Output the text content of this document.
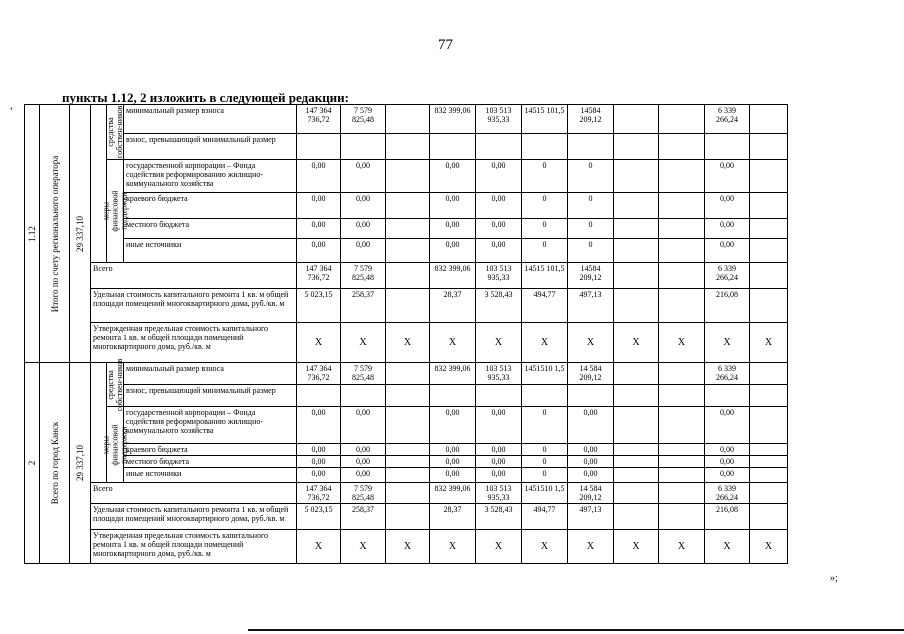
77
пункты 1.12, 2 изложить в следующей редакции:
‹
»;
1.12	Итого по счету регионального оператора	29 337,10		средства собствен-ников	минимальный размер взноса	147 364 736,72	7 579 825,48		832 399,06	103 513 935,33	14515 101,5	14584 209,12			6 339 266,24	
					взнос, превышающий минимальный размер											

				меры финансовой поддержки	государственной корпорации – Фонда содействия реформированию жилищно-коммунального хозяйства	0,00	0,00		0,00	0,00	0	0			0,00	
					краевого бюджета	0,00	0,00		0,00	0,00	0	0			0,00	
					местного бюджета	0,00	0,00		0,00	0,00	0	0			0,00	
					иные источники	0,00	0,00		0,00	0,00	0	0			0,00	
			Всего			147 364 736,72	7 579 825,48		832 399,06	103 513 935,33	14515 101,5	14584 209,12			6 339 266,24	
			Удельная стоимость капитального ремонта 1 кв. м общей площади помещений многоквартирного дома, руб./кв. м			5 023,15	258,37		28,37	3 528,43	494,77	497,13			216,08	
			Утвержденная предельная стоимость капитального ремонта 1 кв. м общей площади помещений многоквартирного дома, руб./кв. м			X	X	X	X	X	X	X	X	X	X	X

2	Всего по город Канск	29 337,10		средства собствен-ников	минимальный размер взноса	147 364 736,72	7 579 825,48		832 399,06	103 513 935,33	1451510 1,5	14 584 209,12			6 339 266,24	
					взнос, превышающий минимальный размер											

				меры финансовой поддержки	государственной корпорации – Фонда содействия реформированию жилищно-коммунального хозяйства	0,00	0,00		0,00	0,00	0	0,00			0,00	
					краевого бюджета	0,00	0,00		0,00	0,00	0	0,00			0,00	
					местного бюджета	0,00	0,00		0,00	0,00	0	0,00			0,00	
					иные источники	0,00	0,00		0,00	0,00	0	0,00			0,00	
			Всего			147 364 736,72	7 579 825,48		832 399,06	103 513 935,33	1451510 1,5	14 584 209,12			6 339 266,24	
			Удельная стоимость капитального ремонта 1 кв. м общей площади помещений многоквартирного дома, руб./кв. м			5 023,15	258,37		28,37	3 528,43	494,77	497,13			216,08	
			Утвержденная предельная стоимость капитального ремонта 1 кв. м общей площади помещений многоквартирного дома, руб./кв. м			X	X	X	X	X	X	X	X	X	X	X
